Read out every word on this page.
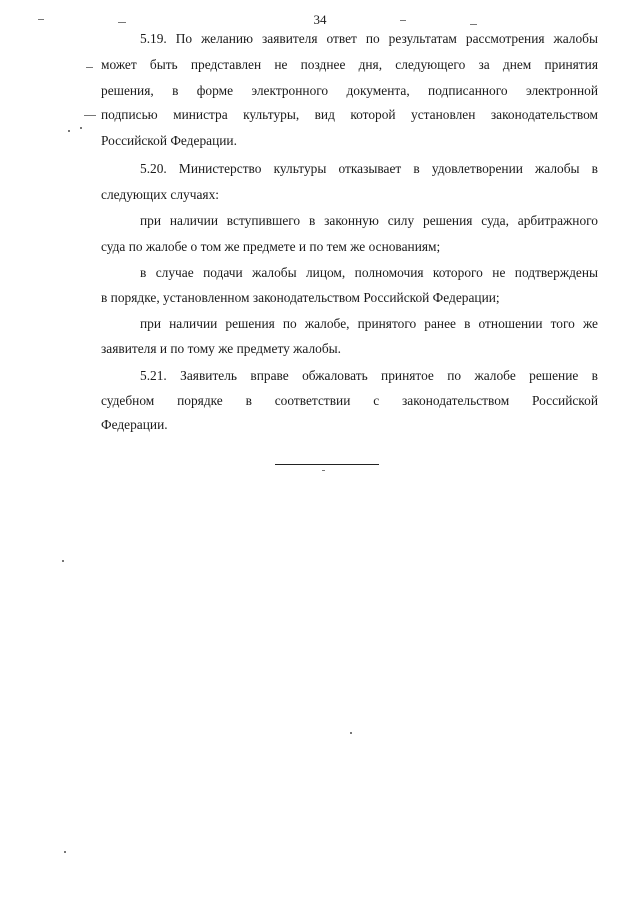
34
5.19. По желанию заявителя ответ по результатам рассмотрения жалобы
может быть представлен не позднее дня, следующего за днем принятия
решения, в форме электронного документа, подписанного электронной
подписью министра культуры, вид которой установлен законодательством
Российской Федерации.
5.20. Министерство культуры отказывает в удовлетворении жалобы в
следующих случаях:
при наличии вступившего в законную силу решения суда, арбитражного
суда по жалобе о том же предмете и по тем же основаниям;
в случае подачи жалобы лицом, полномочия которого не подтверждены
в порядке, установленном законодательством Российской Федерации;
при наличии решения по жалобе, принятого ранее в отношении того же
заявителя и по тому же предмету жалобы.
5.21. Заявитель вправе обжаловать принятое по жалобе решение в
судебном порядке в соответствии с законодательством Российской
Федерации.
